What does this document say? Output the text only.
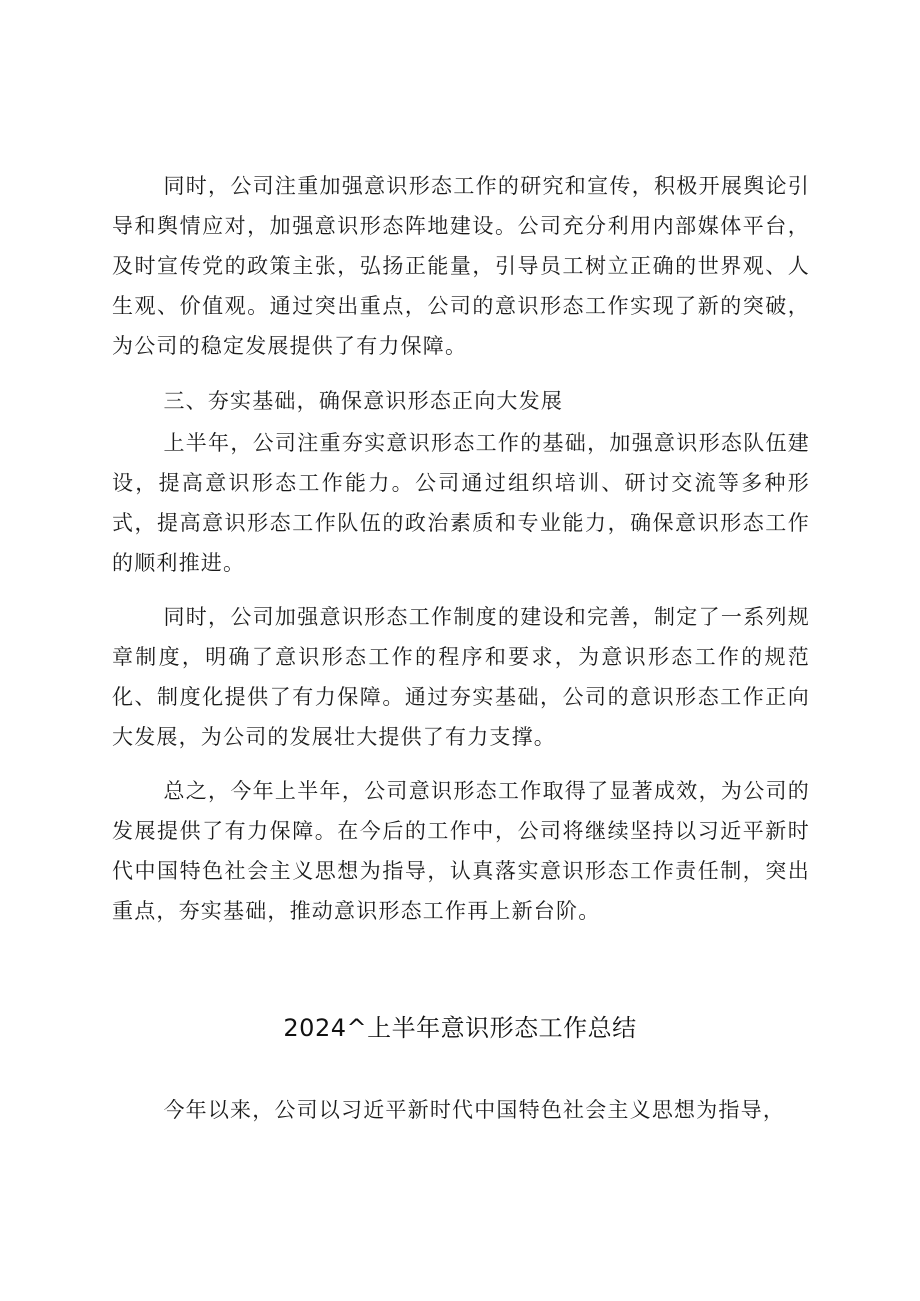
同时，公司注重加强意识形态工作的研究和宣传，积极开展舆论引导和舆情应对，加强意识形态阵地建设。公司充分利用内部媒体平台，及时宣传党的政策主张，弘扬正能量，引导员工树立正确的世界观、人生观、价值观。通过突出重点，公司的意识形态工作实现了新的突破，为公司的稳定发展提供了有力保障。

三、夯实基础，确保意识形态正向大发展

上半年，公司注重夯实意识形态工作的基础，加强意识形态队伍建设，提高意识形态工作能力。公司通过组织培训、研讨交流等多种形式，提高意识形态工作队伍的政治素质和专业能力，确保意识形态工作的顺利推进。

同时，公司加强意识形态工作制度的建设和完善，制定了一系列规章制度，明确了意识形态工作的程序和要求，为意识形态工作的规范化、制度化提供了有力保障。通过夯实基础，公司的意识形态工作正向大发展，为公司的发展壮大提供了有力支撑。

总之，今年上半年，公司意识形态工作取得了显著成效，为公司的发展提供了有力保障。在今后的工作中，公司将继续坚持以习近平新时代中国特色社会主义思想为指导，认真落实意识形态工作责任制，突出重点，夯实基础，推动意识形态工作再上新台阶。

2024^上半年意识形态工作总结

今年以来，公司以习近平新时代中国特色社会主义思想为指导，
